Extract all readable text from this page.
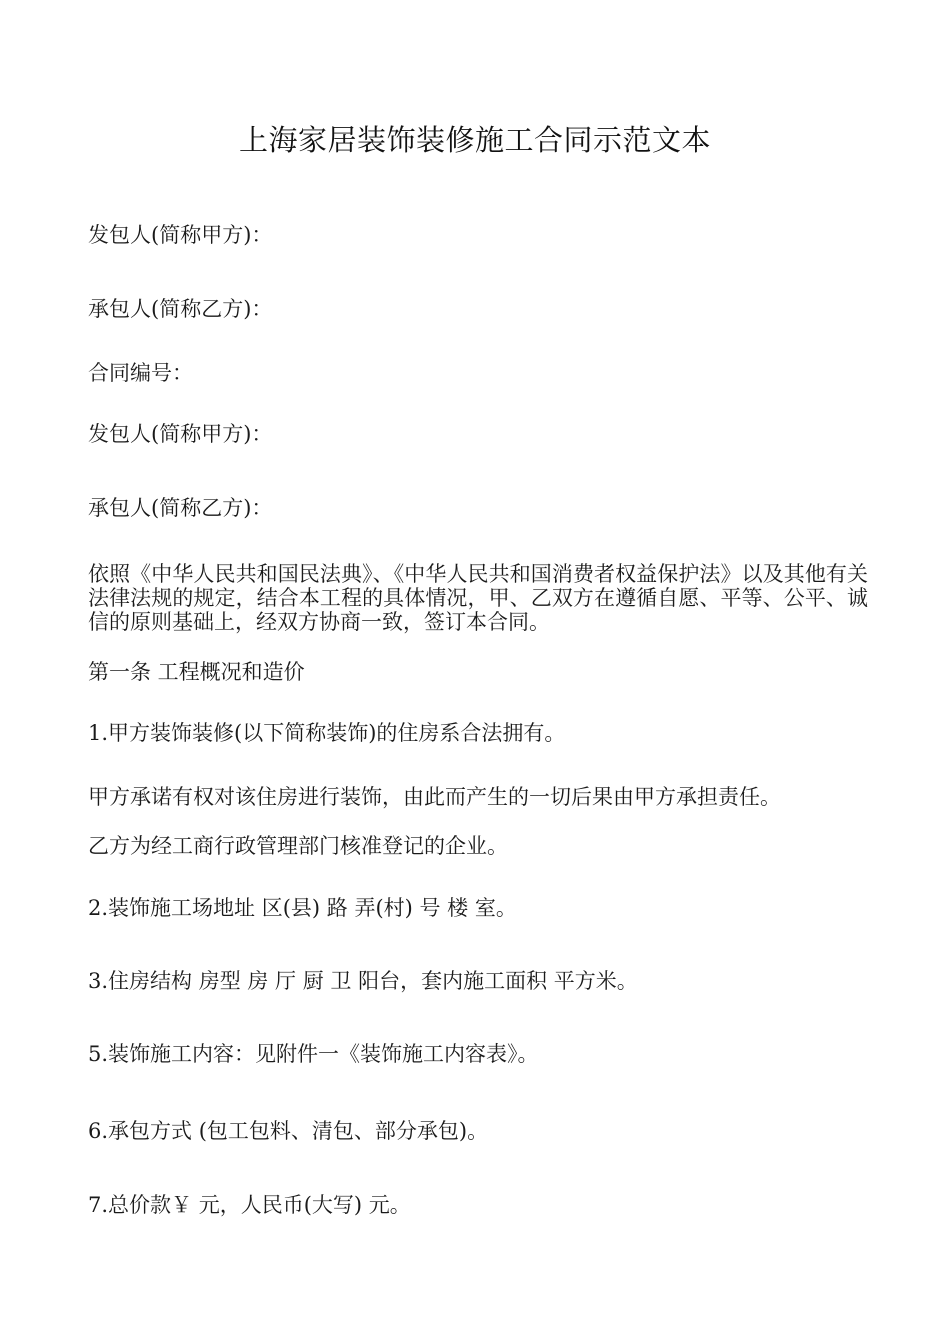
上海家居装饰装修施工合同示范文本
发包人(简称甲方)：
承包人(简称乙方)：
合同编号：
发包人(简称甲方)：
承包人(简称乙方)：
依照《中华人民共和国民法典》、《中华人民共和国消费者权益保护法》以及其他有关法律法规的规定，结合本工程的具体情况，甲、乙双方在遵循自愿、平等、公平、诚信的原则基础上，经双方协商一致，签订本合同。
第一条 工程概况和造价
1.甲方装饰装修(以下简称装饰)的住房系合法拥有。
甲方承诺有权对该住房进行装饰，由此而产生的一切后果由甲方承担责任。
乙方为经工商行政管理部门核准登记的企业。
2.装饰施工场地址 区(县) 路 弄(村) 号 楼 室。
3.住房结构 房型 房 厅 厨 卫 阳台，套内施工面积 平方米。
5.装饰施工内容：见附件一《装饰施工内容表》。
6.承包方式 (包工包料、清包、部分承包)。
7.总价款￥ 元，人民币(大写) 元。
